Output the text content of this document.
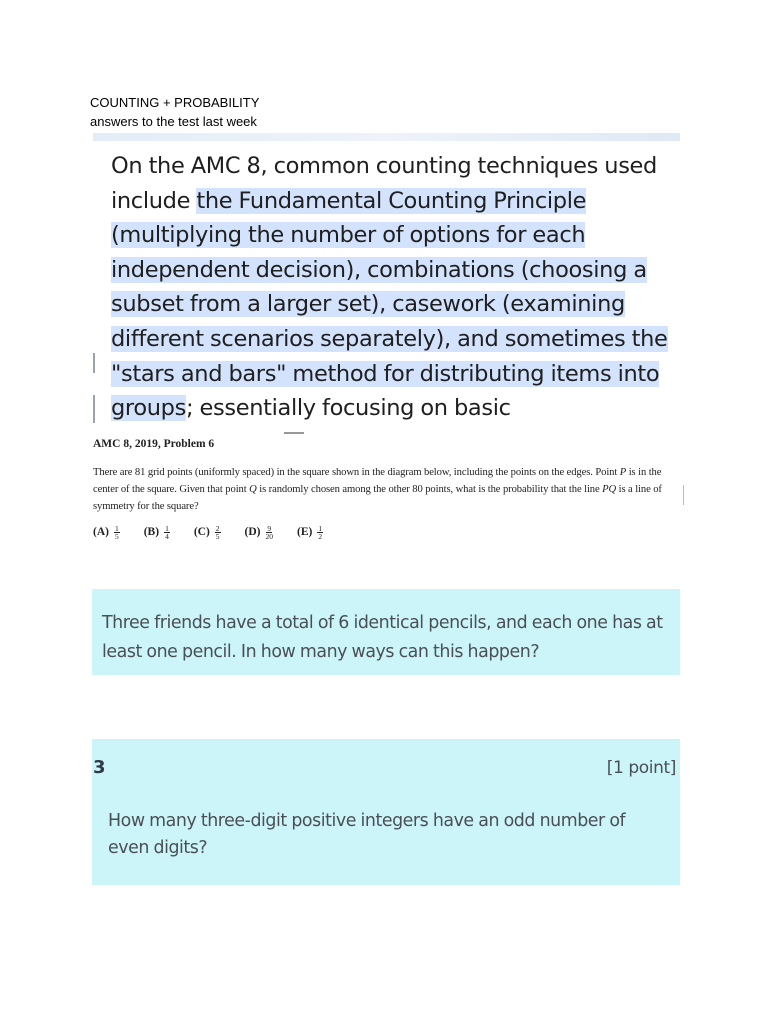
COUNTING + PROBABILITY
answers to the test last week
On the AMC 8, common counting techniques used include the Fundamental Counting Principle (multiplying the number of options for each independent decision), combinations (choosing a subset from a larger set), casework (examining different scenarios separately), and sometimes the "stars and bars" method for distributing items into groups; essentially focusing on basic
AMC 8, 2019, Problem 6
There are 81 grid points (uniformly spaced) in the square shown in the diagram below, including the points on the edges. Point P is in the center of the square. Given that point Q is randomly chosen among the other 80 points, what is the probability that the line PQ is a line of symmetry for the square?
$(A) \frac{1}{5} (B) \frac{1}{4} (C) \frac{2}{5} (D) \frac{9}{20} (E) \frac{1}{2}$

Three friends have a total of 6 identical pencils, and each one has at least one pencil. In how many ways can this happen?

3	[1 point]

How many three-digit positive integers have an odd number of even digits?
